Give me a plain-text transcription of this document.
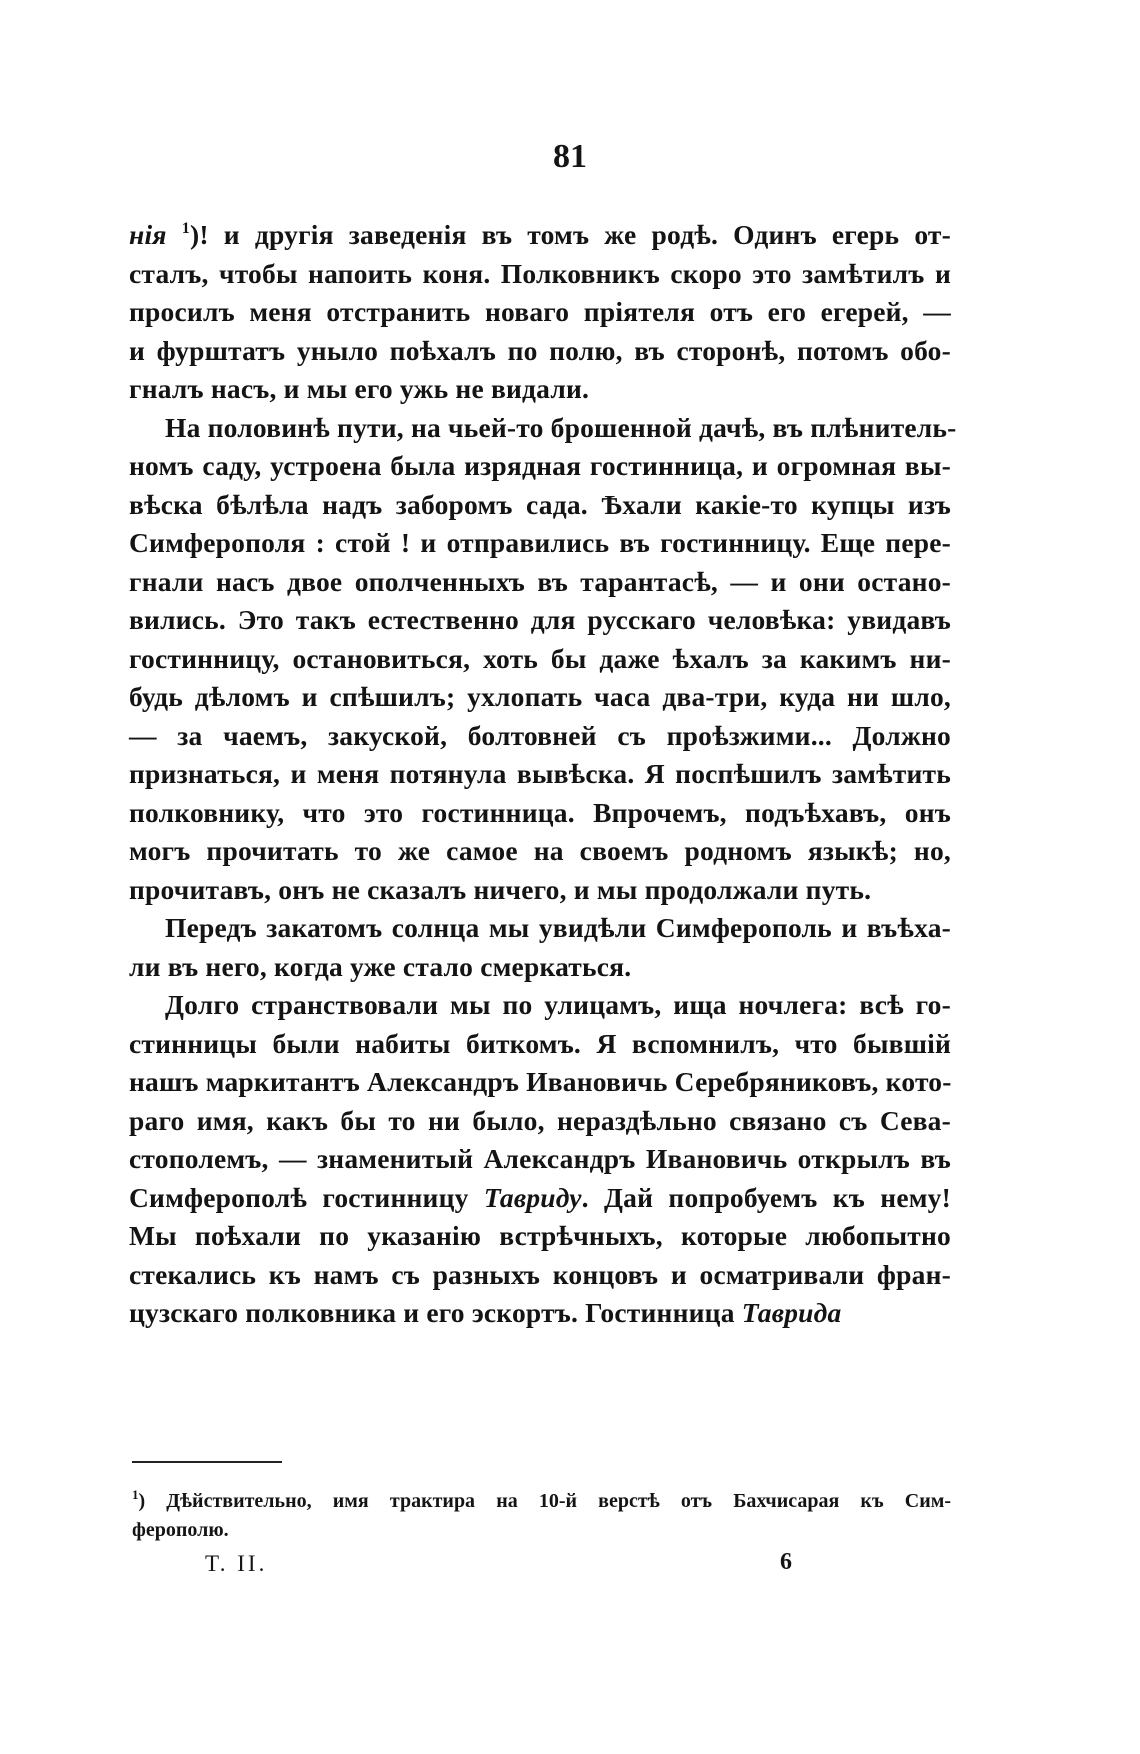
81
нія $^1$)! и другія заведенія въ томъ же родѣ. Одинъ егерь от-
сталъ, чтобы напоить коня. Полковникъ скоро это замѣтилъ и
просилъ меня отстранить новаго пріятеля отъ его егерей, —
и фурштатъ уныло поѣхалъ по полю, въ сторонѣ, потомъ обо-
гналъ насъ, и мы его ужь не видали.
На половинѣ пути, на чьей-то брошенной дачѣ, въ плѣнитель-
номъ саду, устроена была изрядная гостинница, и огромная вы-
вѣска бѣлѣла надъ заборомъ сада. Ѣхали какіе-то купцы изъ
Симферополя : стой ! и отправились въ гостинницу. Еще пере-
гнали насъ двое ополченныхъ въ тарантасѣ, — и они остано-
вились. Это такъ естественно для русскаго человѣка: увидавъ
гостинницу, остановиться, хоть бы даже ѣхалъ за какимъ ни-
будь дѣломъ и спѣшилъ; ухлопать часа два-три, куда ни шло,
— за чаемъ, закуской, болтовней съ проѣзжими... Должно
признаться, и меня потянула вывѣска. Я поспѣшилъ замѣтить
полковнику, что это гостинница. Впрочемъ, подъѣхавъ, онъ
могъ прочитать то же самое на своемъ родномъ языкѣ; но,
прочитавъ, онъ не сказалъ ничего, и мы продолжали путь.
Передъ закатомъ солнца мы увидѣли Симферополь и въѣха-
ли въ него, когда уже стало смеркаться.
Долго странствовали мы по улицамъ, ища ночлега: всѣ го-
стинницы были набиты биткомъ. Я вспомнилъ, что бывшій
нашъ маркитантъ Александръ Ивановичь Серебряниковъ, кото-
раго имя, какъ бы то ни было, нераздѣльно связано съ Сева-
стополемъ, — знаменитый Александръ Ивановичь открылъ въ
Симферополѣ гостинницу Тавриду. Дай попробуемъ къ нему!
Мы поѣхали по указанію встрѣчныхъ, которые любопытно
стекались къ намъ съ разныхъ концовъ и осматривали фран-
цузскаго полковника и его эскортъ. Гостинница Таврида
$^1$) Дѣйствительно, имя трактира на 10-й верстѣ отъ Бахчисарая къ Сим-
ферополю.
Т. II.	6
